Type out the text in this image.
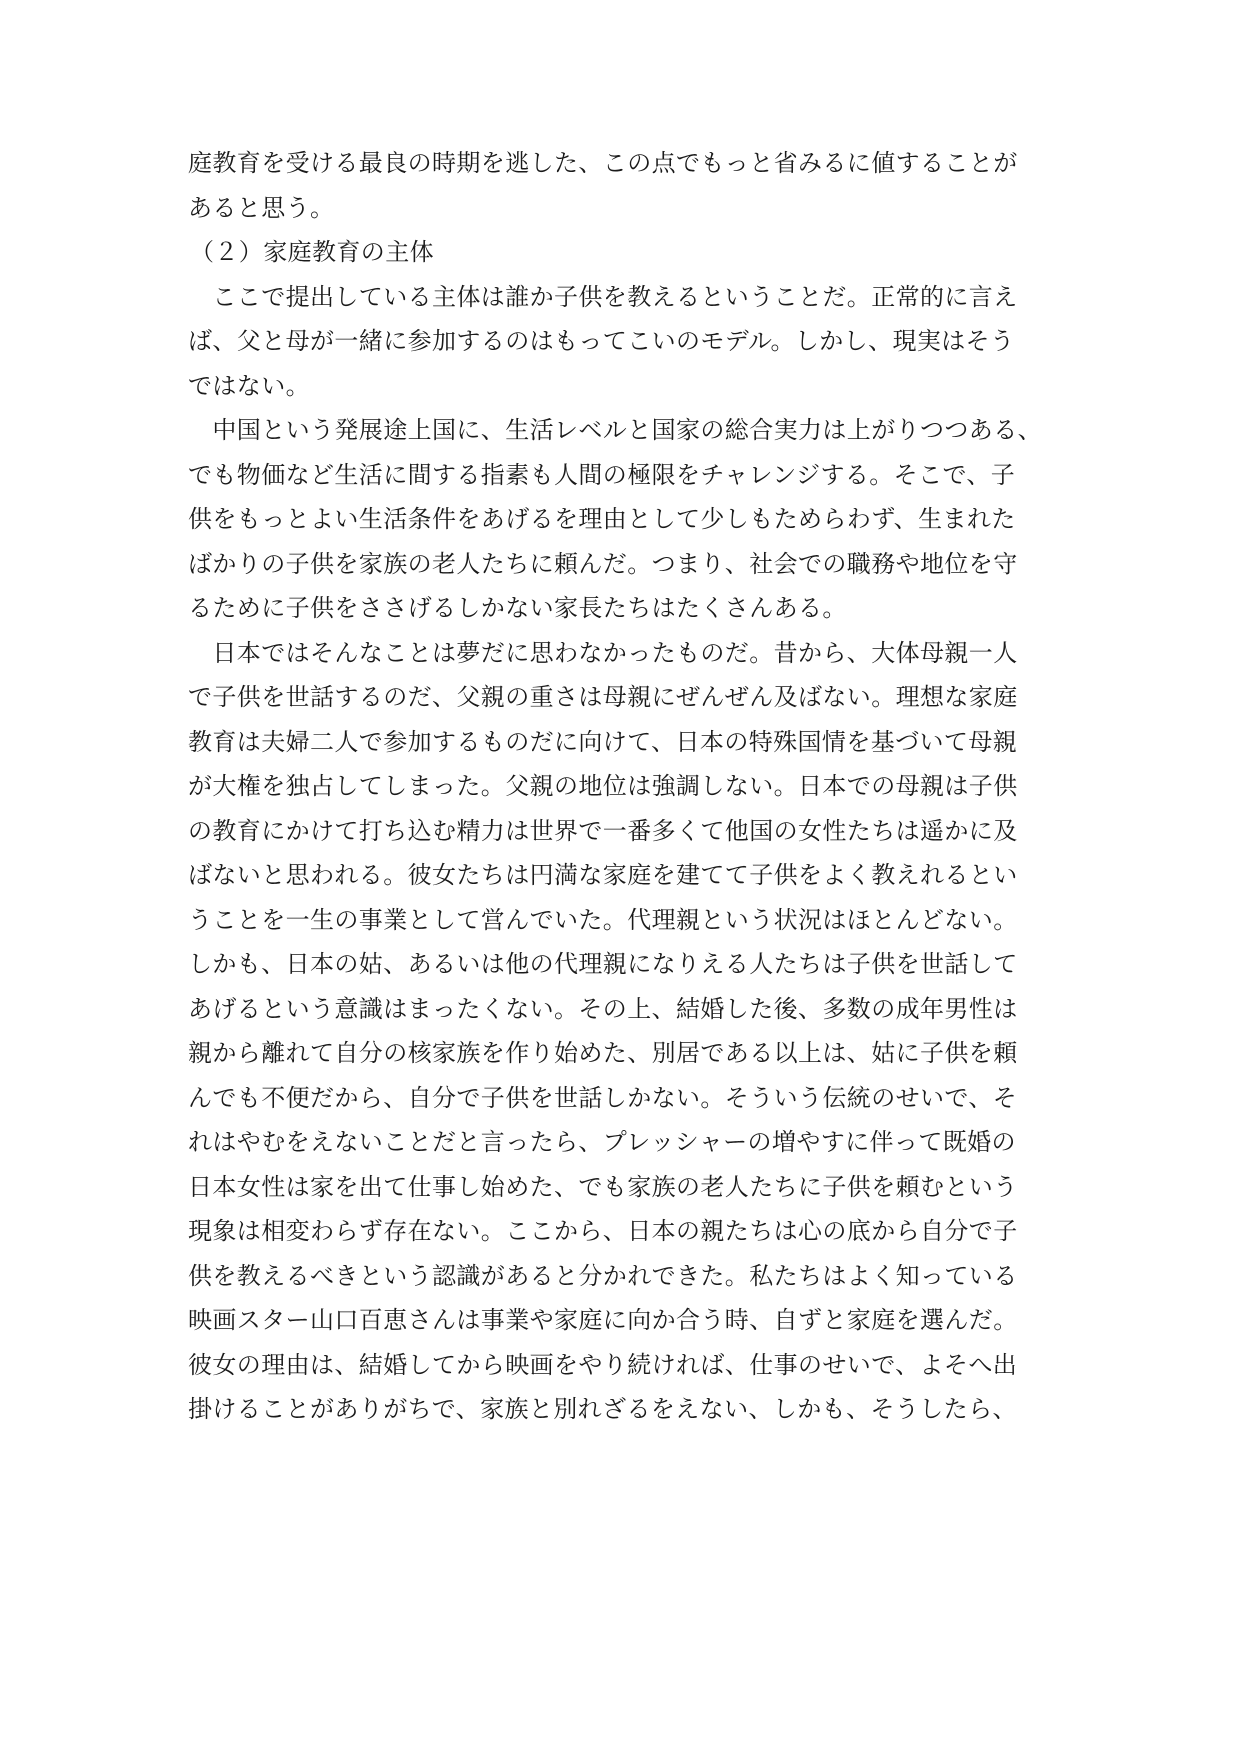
庭教育を受ける最良の時期を逃した、この点でもっと省みるに値することが
あると思う。
（２）家庭教育の主体
　ここで提出している主体は誰か子供を教えるということだ。正常的に言え
ば、父と母が一緒に参加するのはもってこいのモデル。しかし、現実はそう
ではない。
　中国という発展途上国に、生活レベルと国家の総合実力は上がりつつある、
でも物価など生活に間する指素も人間の極限をチャレンジする。そこで、子
供をもっとよい生活条件をあげるを理由として少しもためらわず、生まれた
ばかりの子供を家族の老人たちに頼んだ。つまり、社会での職務や地位を守
るために子供をささげるしかない家長たちはたくさんある。
　日本ではそんなことは夢だに思わなかったものだ。昔から、大体母親一人
で子供を世話するのだ、父親の重さは母親にぜんぜん及ばない。理想な家庭
教育は夫婦二人で参加するものだに向けて、日本の特殊国情を基づいて母親
が大権を独占してしまった。父親の地位は強調しない。日本での母親は子供
の教育にかけて打ち込む精力は世界で一番多くて他国の女性たちは遥かに及
ばないと思われる。彼女たちは円満な家庭を建てて子供をよく教えれるとい
うことを一生の事業として営んでいた。代理親という状況はほとんどない。
しかも、日本の姑、あるいは他の代理親になりえる人たちは子供を世話して
あげるという意識はまったくない。その上、結婚した後、多数の成年男性は
親から離れて自分の核家族を作り始めた、別居である以上は、姑に子供を頼
んでも不便だから、自分で子供を世話しかない。そういう伝統のせいで、そ
れはやむをえないことだと言ったら、プレッシャーの増やすに伴って既婚の
日本女性は家を出て仕事し始めた、でも家族の老人たちに子供を頼むという
現象は相変わらず存在ない。ここから、日本の親たちは心の底から自分で子
供を教えるべきという認識があると分かれできた。私たちはよく知っている
映画スター山口百恵さんは事業や家庭に向か合う時、自ずと家庭を選んだ。
彼女の理由は、結婚してから映画をやり続ければ、仕事のせいで、よそへ出
掛けることがありがちで、家族と別れざるをえない、しかも、そうしたら、
